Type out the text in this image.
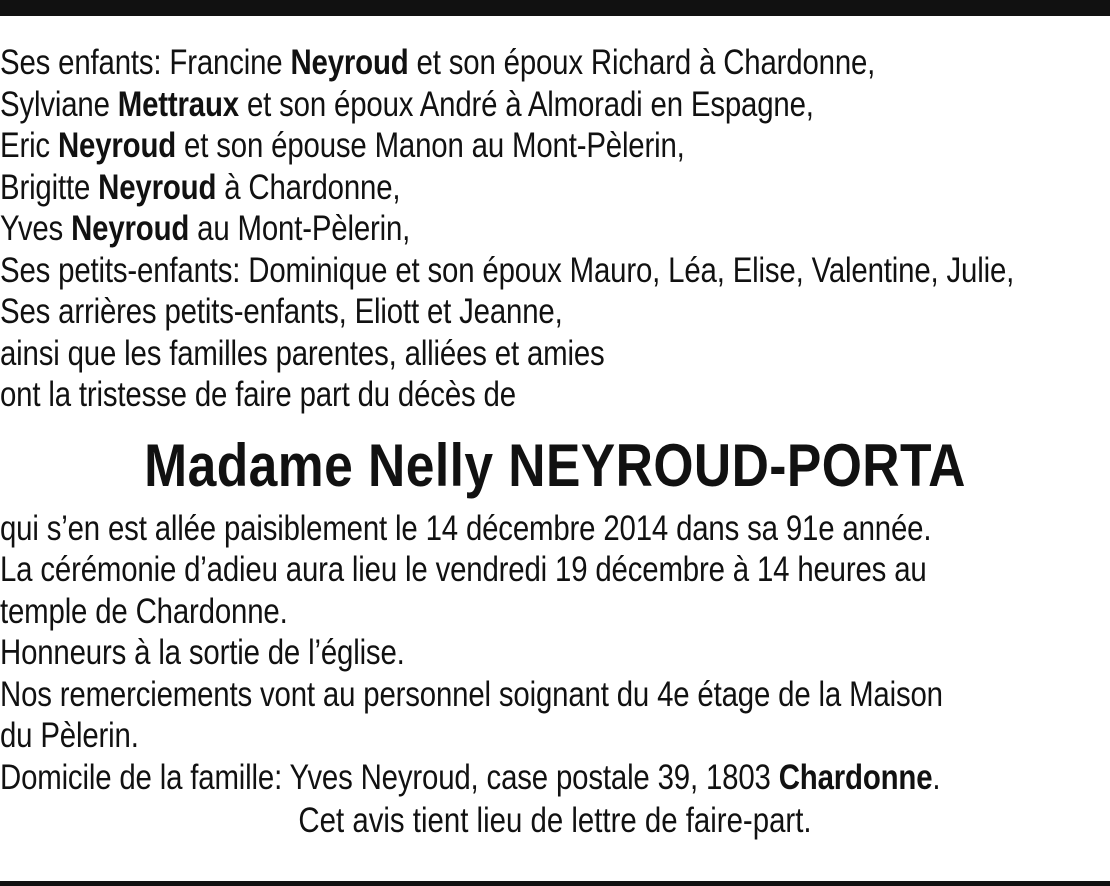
Ses enfants: Francine Neyroud et son époux Richard à Chardonne,
Sylviane Mettraux et son époux André à Almoradi en Espagne,
Eric Neyroud et son épouse Manon au Mont-Pèlerin,
Brigitte Neyroud à Chardonne,
Yves Neyroud au Mont-Pèlerin,
Ses petits-enfants: Dominique et son époux Mauro, Léa, Elise, Valentine, Julie,
Ses arrières petits-enfants, Eliott et Jeanne,
ainsi que les familles parentes, alliées et amies
ont la tristesse de faire part du décès de
Madame Nelly NEYROUD-PORTA
qui s’en est allée paisiblement le 14 décembre 2014 dans sa 91e année.
La cérémonie d’adieu aura lieu le vendredi 19 décembre à 14 heures au
temple de Chardonne.
Honneurs à la sortie de l’église.
Nos remerciements vont au personnel soignant du 4e étage de la Maison
du Pèlerin.
Domicile de la famille: Yves Neyroud, case postale 39, 1803 Chardonne.
Cet avis tient lieu de lettre de faire-part.
